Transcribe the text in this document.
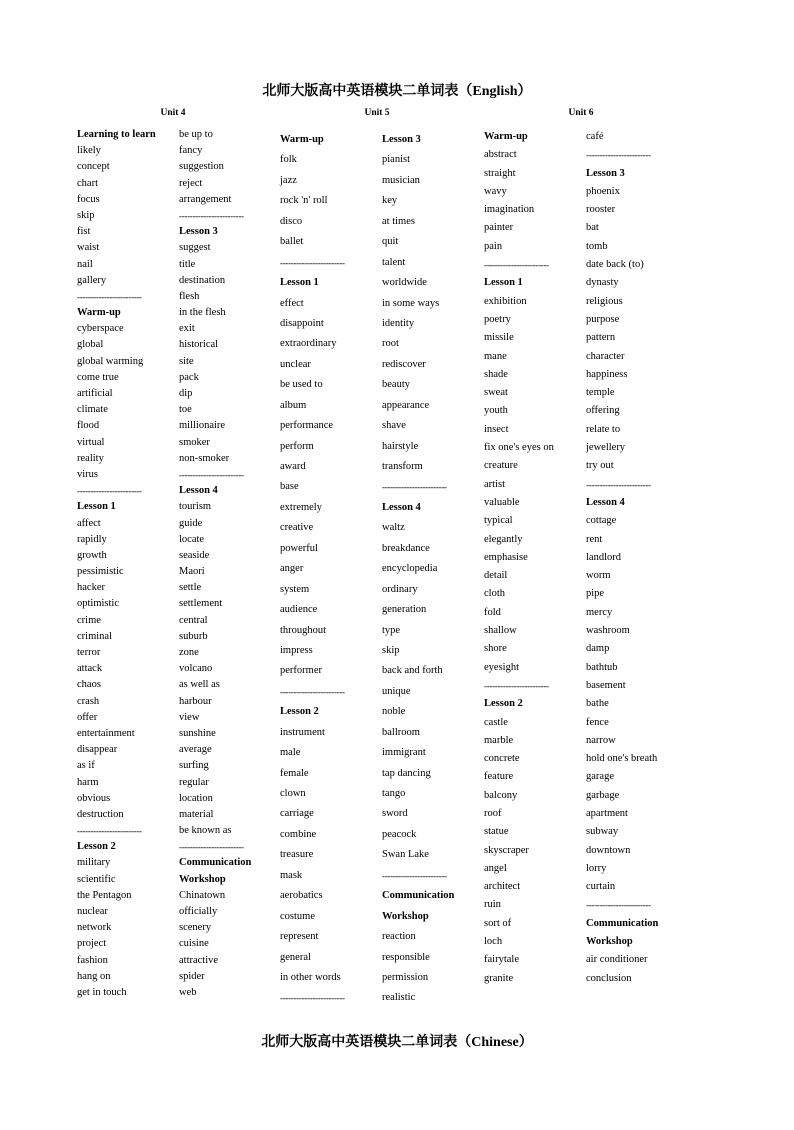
北师大版高中英语模块二单词表（English）
Unit 4	Unit 5	Unit 6
Learning to learn
likely
concept
chart
focus
skip
fist
waist
nail
gallery
------------------------
Warm-up
cyberspace
global
global warming
come true
artificial
climate
flood
virtual
reality
virus
------------------------
Lesson 1
affect
rapidly
growth
pessimistic
hacker
optimistic
crime
criminal
terror
attack
chaos
crash
offer
entertainment
disappear
as if
harm
obvious
destruction
------------------------
Lesson 2
military
scientific
the Pentagon
nuclear
network
project
fashion
hang on
get in touch
be up to
fancy
suggestion
reject
arrangement
------------------------
Lesson 3
suggest
title
destination
flesh
in the flesh
exit
historical
site
pack
dip
toe
millionaire
smoker
non-smoker
------------------------
Lesson 4
tourism
guide
locate
seaside
Maori
settle
settlement
central
suburb
zone
volcano
as well as
harbour
view
sunshine
average
surfing
regular
location
material
be known as
------------------------
Communication
Workshop
Chinatown
officially
scenery
cuisine
attractive
spider
web
Warm-up
folk
jazz
rock 'n' roll
disco
ballet
------------------------
Lesson 1
effect
disappoint
extraordinary
unclear
be used to
album
performance
perform
award
base
extremely
creative
powerful
anger
system
audience
throughout
impress
performer
------------------------
Lesson 2
instrument
male
female
clown
carriage
combine
treasure
mask
aerobatics
costume
represent
general
in other words
------------------------
Lesson 3
pianist
musician
key
at times
quit
talent
worldwide
in some ways
identity
root
rediscover
beauty
appearance
shave
hairstyle
transform
------------------------
Lesson 4
waltz
breakdance
encyclopedia
ordinary
generation
type
skip
back and forth
unique
noble
ballroom
immigrant
tap dancing
tango
sword
peacock
Swan Lake
------------------------
Communication
Workshop
reaction
responsible
permission
realistic
Warm-up
abstract
straight
wavy
imagination
painter
pain
------------------------
Lesson 1
exhibition
poetry
missile
mane
shade
sweat
youth
insect
fix one's eyes on
creature
artist
valuable
typical
elegantly
emphasise
detail
cloth
fold
shallow
shore
eyesight
------------------------
Lesson 2
castle
marble
concrete
feature
balcony
roof
statue
skyscraper
angel
architect
ruin
sort of
loch
fairytale
granite
café
------------------------
Lesson 3
phoenix
rooster
bat
tomb
date back (to)
dynasty
religious
purpose
pattern
character
happiness
temple
offering
relate to
jewellery
try out
------------------------
Lesson 4
cottage
rent
landlord
worm
pipe
mercy
washroom
damp
bathtub
basement
bathe
fence
narrow
hold one's breath
garage
garbage
apartment
subway
downtown
lorry
curtain
------------------------
Communication
Workshop
air conditioner
conclusion
北师大版高中英语模块二单词表（Chinese）
